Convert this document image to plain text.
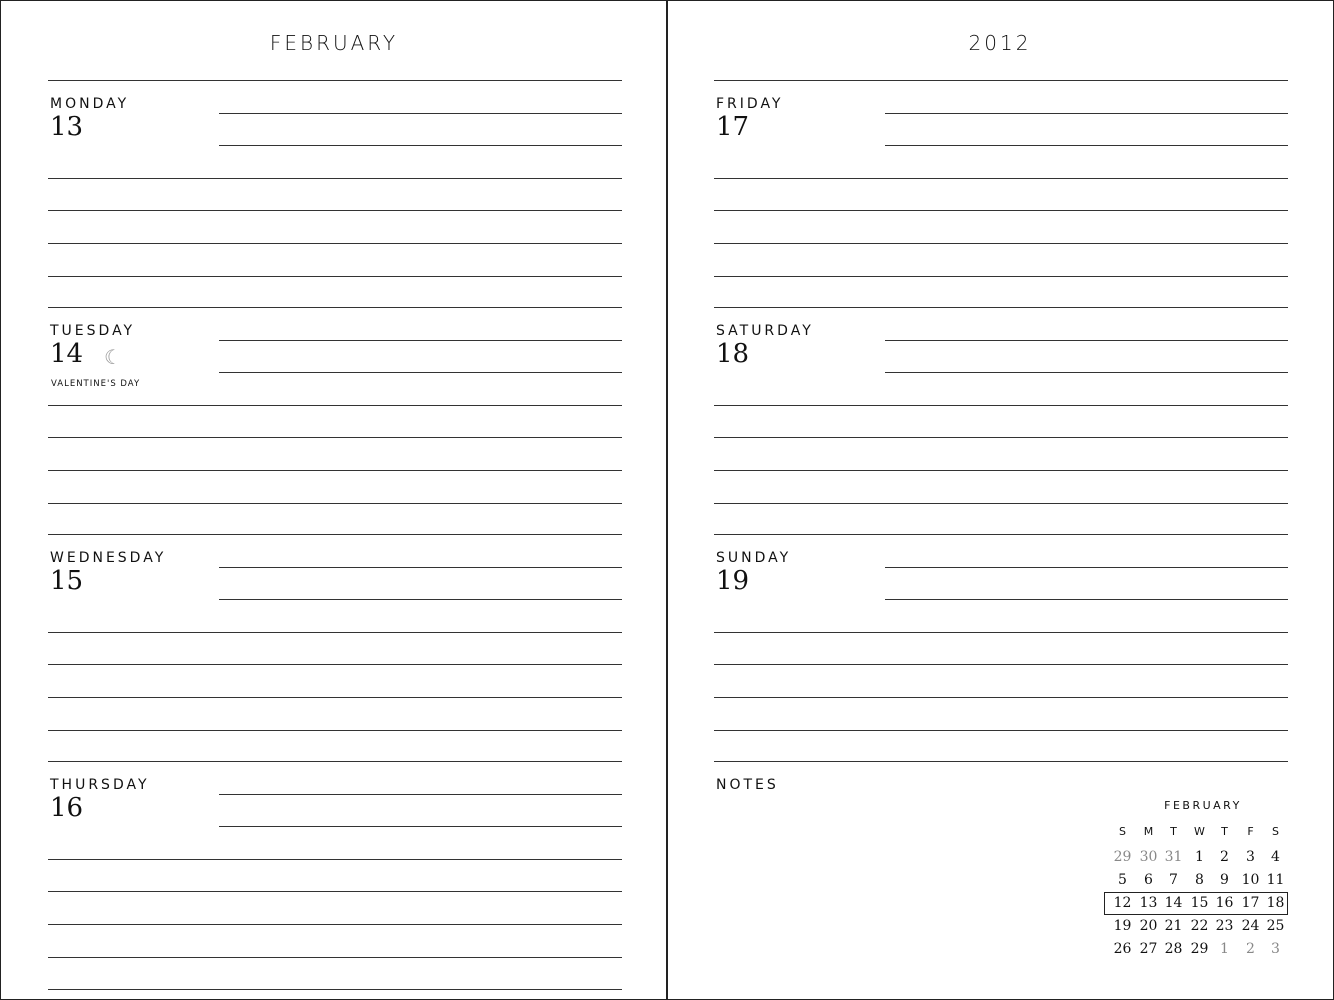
FEBRUARY
MONDAY
13
TUESDAY
14 ☾
VALENTINE'S DAY
WEDNESDAY
15
THURSDAY
16
2012
FRIDAY
17
SATURDAY
18
SUNDAY
19
NOTES
FEBRUARY
S	M	T	W	T	F	S
29 30 31 1	2	3	4
5	6	7	8	9 10 11
12 13 14 15 16 17 18
19 20 21 22 23 24 25
26 27 28 29 1	2	3
